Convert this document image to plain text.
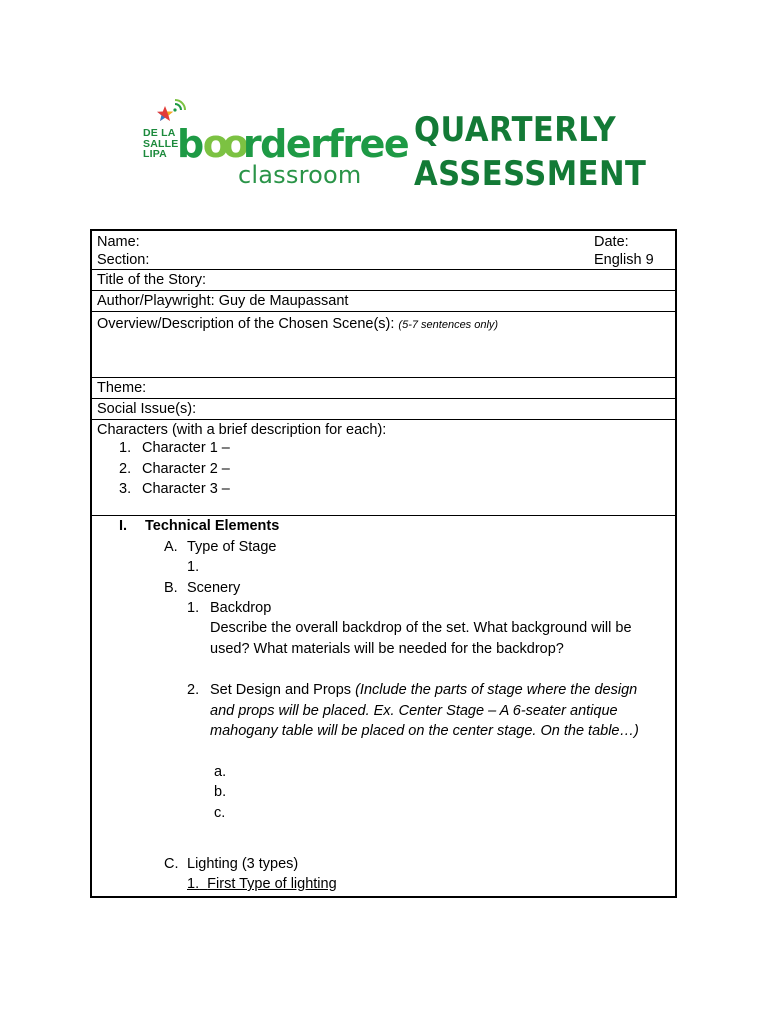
DE LA
SALLE
LIPA boorderfree
classroom
QUARTERLY
ASSESSMENT
Name:
Section:
Date:
English 9
Title of the Story:
Author/Playwright: Guy de Maupassant
Overview/Description of the Chosen Scene(s): (5-7 sentences only)
Theme:
Social Issue(s):
Characters (with a brief description for each):
1. Character 1 –
2. Character 2 –
3. Character 3 –
I. Technical Elements
A. Type of Stage
1.
B. Scenery
1. Backdrop
Describe the overall backdrop of the set. What background will be
used? What materials will be needed for the backdrop?
2. Set Design and Props (Include the parts of stage where the design
and props will be placed. Ex. Center Stage – A 6-seater antique
mahogany table will be placed on the center stage. On the table…)
a.
b.
c.
C. Lighting (3 types)
1. First Type of lighting
